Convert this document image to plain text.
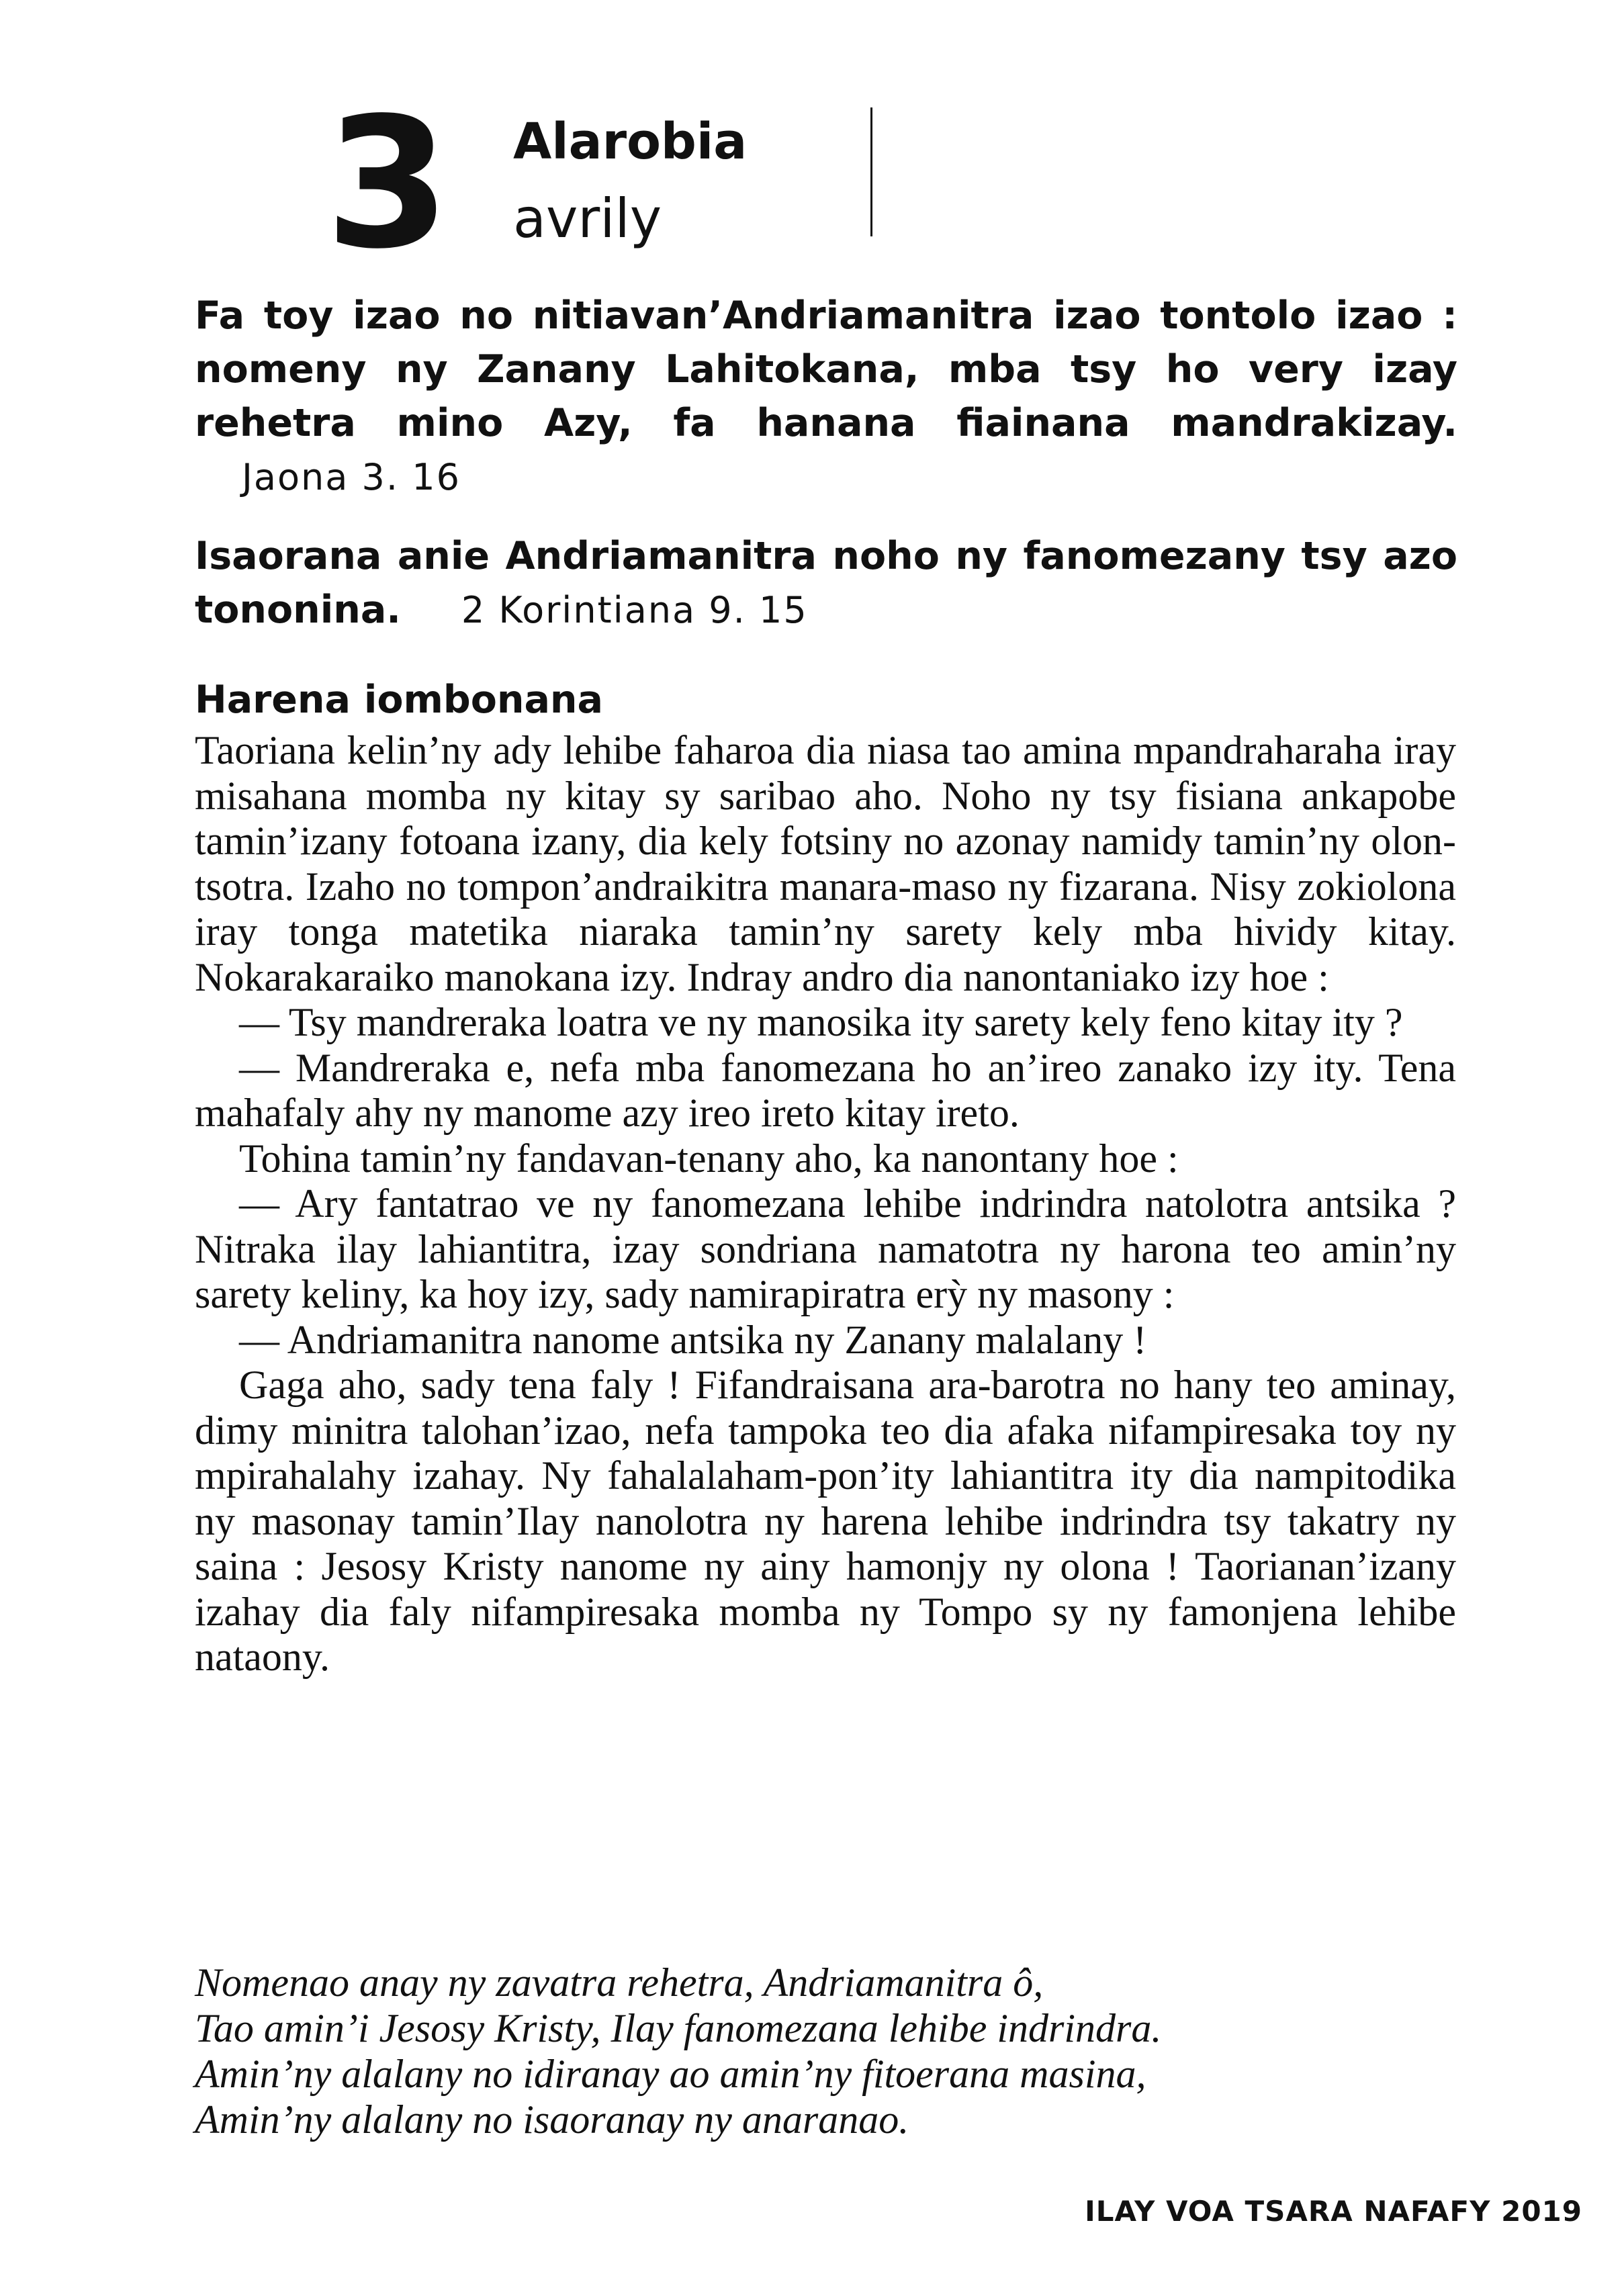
3 Alarobia
avrily
Fa toy izao no nitiavan’Andriamanitra izao tontolo izao : nomeny ny Zanany Lahitokana, mba tsy ho very izay rehetra mino Azy, fa hanana fiainana mandrakizay. Jaona 3. 16
Isaorana anie Andriamanitra noho ny fanomezany tsy azo tononina. 2 Korintiana 9. 15
Harena iombonana

Taoriana kelin’ny ady lehibe faharoa dia niasa tao amina mpandraharaha iray misahana momba ny kitay sy saribao aho. Noho ny tsy fisiana ankapobe tamin’izany fotoana izany, dia kely fotsiny no azonay namidy tamin’ny olon-tsotra. Izaho no tompon’andraikitra manara-maso ny fizarana. Nisy zokiolona iray tonga matetika niaraka tamin’ny sarety kely mba hividy kitay. Nokarakaraiko manokana izy. Indray andro dia nanontaniako izy hoe :

— Tsy mandreraka loatra ve ny manosika ity sarety kely feno kitay ity ?

— Mandreraka e, nefa mba fanomezana ho an’ireo zanako izy ity. Tena mahafaly ahy ny manome azy ireo ireto kitay ireto.

Tohina tamin’ny fandavan-tenany aho, ka nanontany hoe :

— Ary fantatrao ve ny fanomezana lehibe indrindra natolotra antsika ? Nitraka ilay lahiantitra, izay sondriana namatotra ny harona teo amin’ny sarety keliny, ka hoy izy, sady namirapiratra erỳ ny masony :

— Andriamanitra nanome antsika ny Zanany malalany !

Gaga aho, sady tena faly ! Fifandraisana ara-barotra no hany teo aminay, dimy minitra talohan’izao, nefa tampoka teo dia afaka nifampiresaka toy ny mpirahalahy izahay. Ny fahalalaham-pon’ity lahiantitra ity dia nampitodika ny masonay tamin’Ilay nanolotra ny harena lehibe indrindra tsy takatry ny saina : Jesosy Kristy nanome ny ainy hamonjy ny olona ! Taorianan’izany izahay dia faly nifampiresaka momba ny Tompo sy ny famonjena lehibe nataony.

Nomenao anay ny zavatra rehetra, Andriamanitra ô,
Tao amin’i Jesosy Kristy, Ilay fanomezana lehibe indrindra.
Amin’ny alalany no idiranay ao amin’ny fitoerana masina,
Amin’ny alalany no isaoranay ny anaranao.
ILAY VOA TSARA NAFAFY 2019
